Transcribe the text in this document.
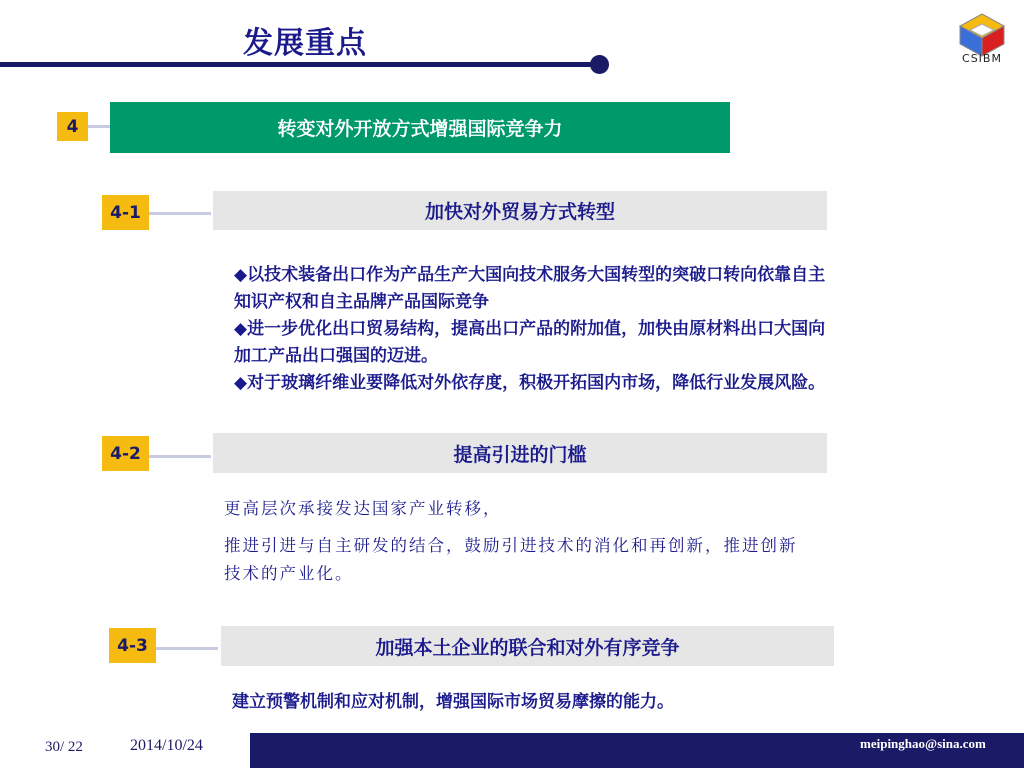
发展重点	CSIBM
4	转变对外开放方式增强国际竞争力
4-1	加快对外贸易方式转型

◆以技术装备出口作为产品生产大国向技术服务大国转型的突破口转向依靠自主知识产权和自主品牌产品国际竞争

◆进一步优化出口贸易结构，提高出口产品的附加值，加快由原材料出口大国向加工产品出口强国的迈进。

◆对于玻璃纤维业要降低对外依存度，积极开拓国内市场，降低行业发展风险。

4-2	提高引进的门槛
更高层次承接发达国家产业转移，
推进引进与自主研发的结合，鼓励引进技术的消化和再创新，推进创新技术的产业化。
4-3	加强本土企业的联合和对外有序竞争
建立预警机制和应对机制，增强国际市场贸易摩擦的能力。
30/ 22	2014/10/24	meipinghao@sina.com
